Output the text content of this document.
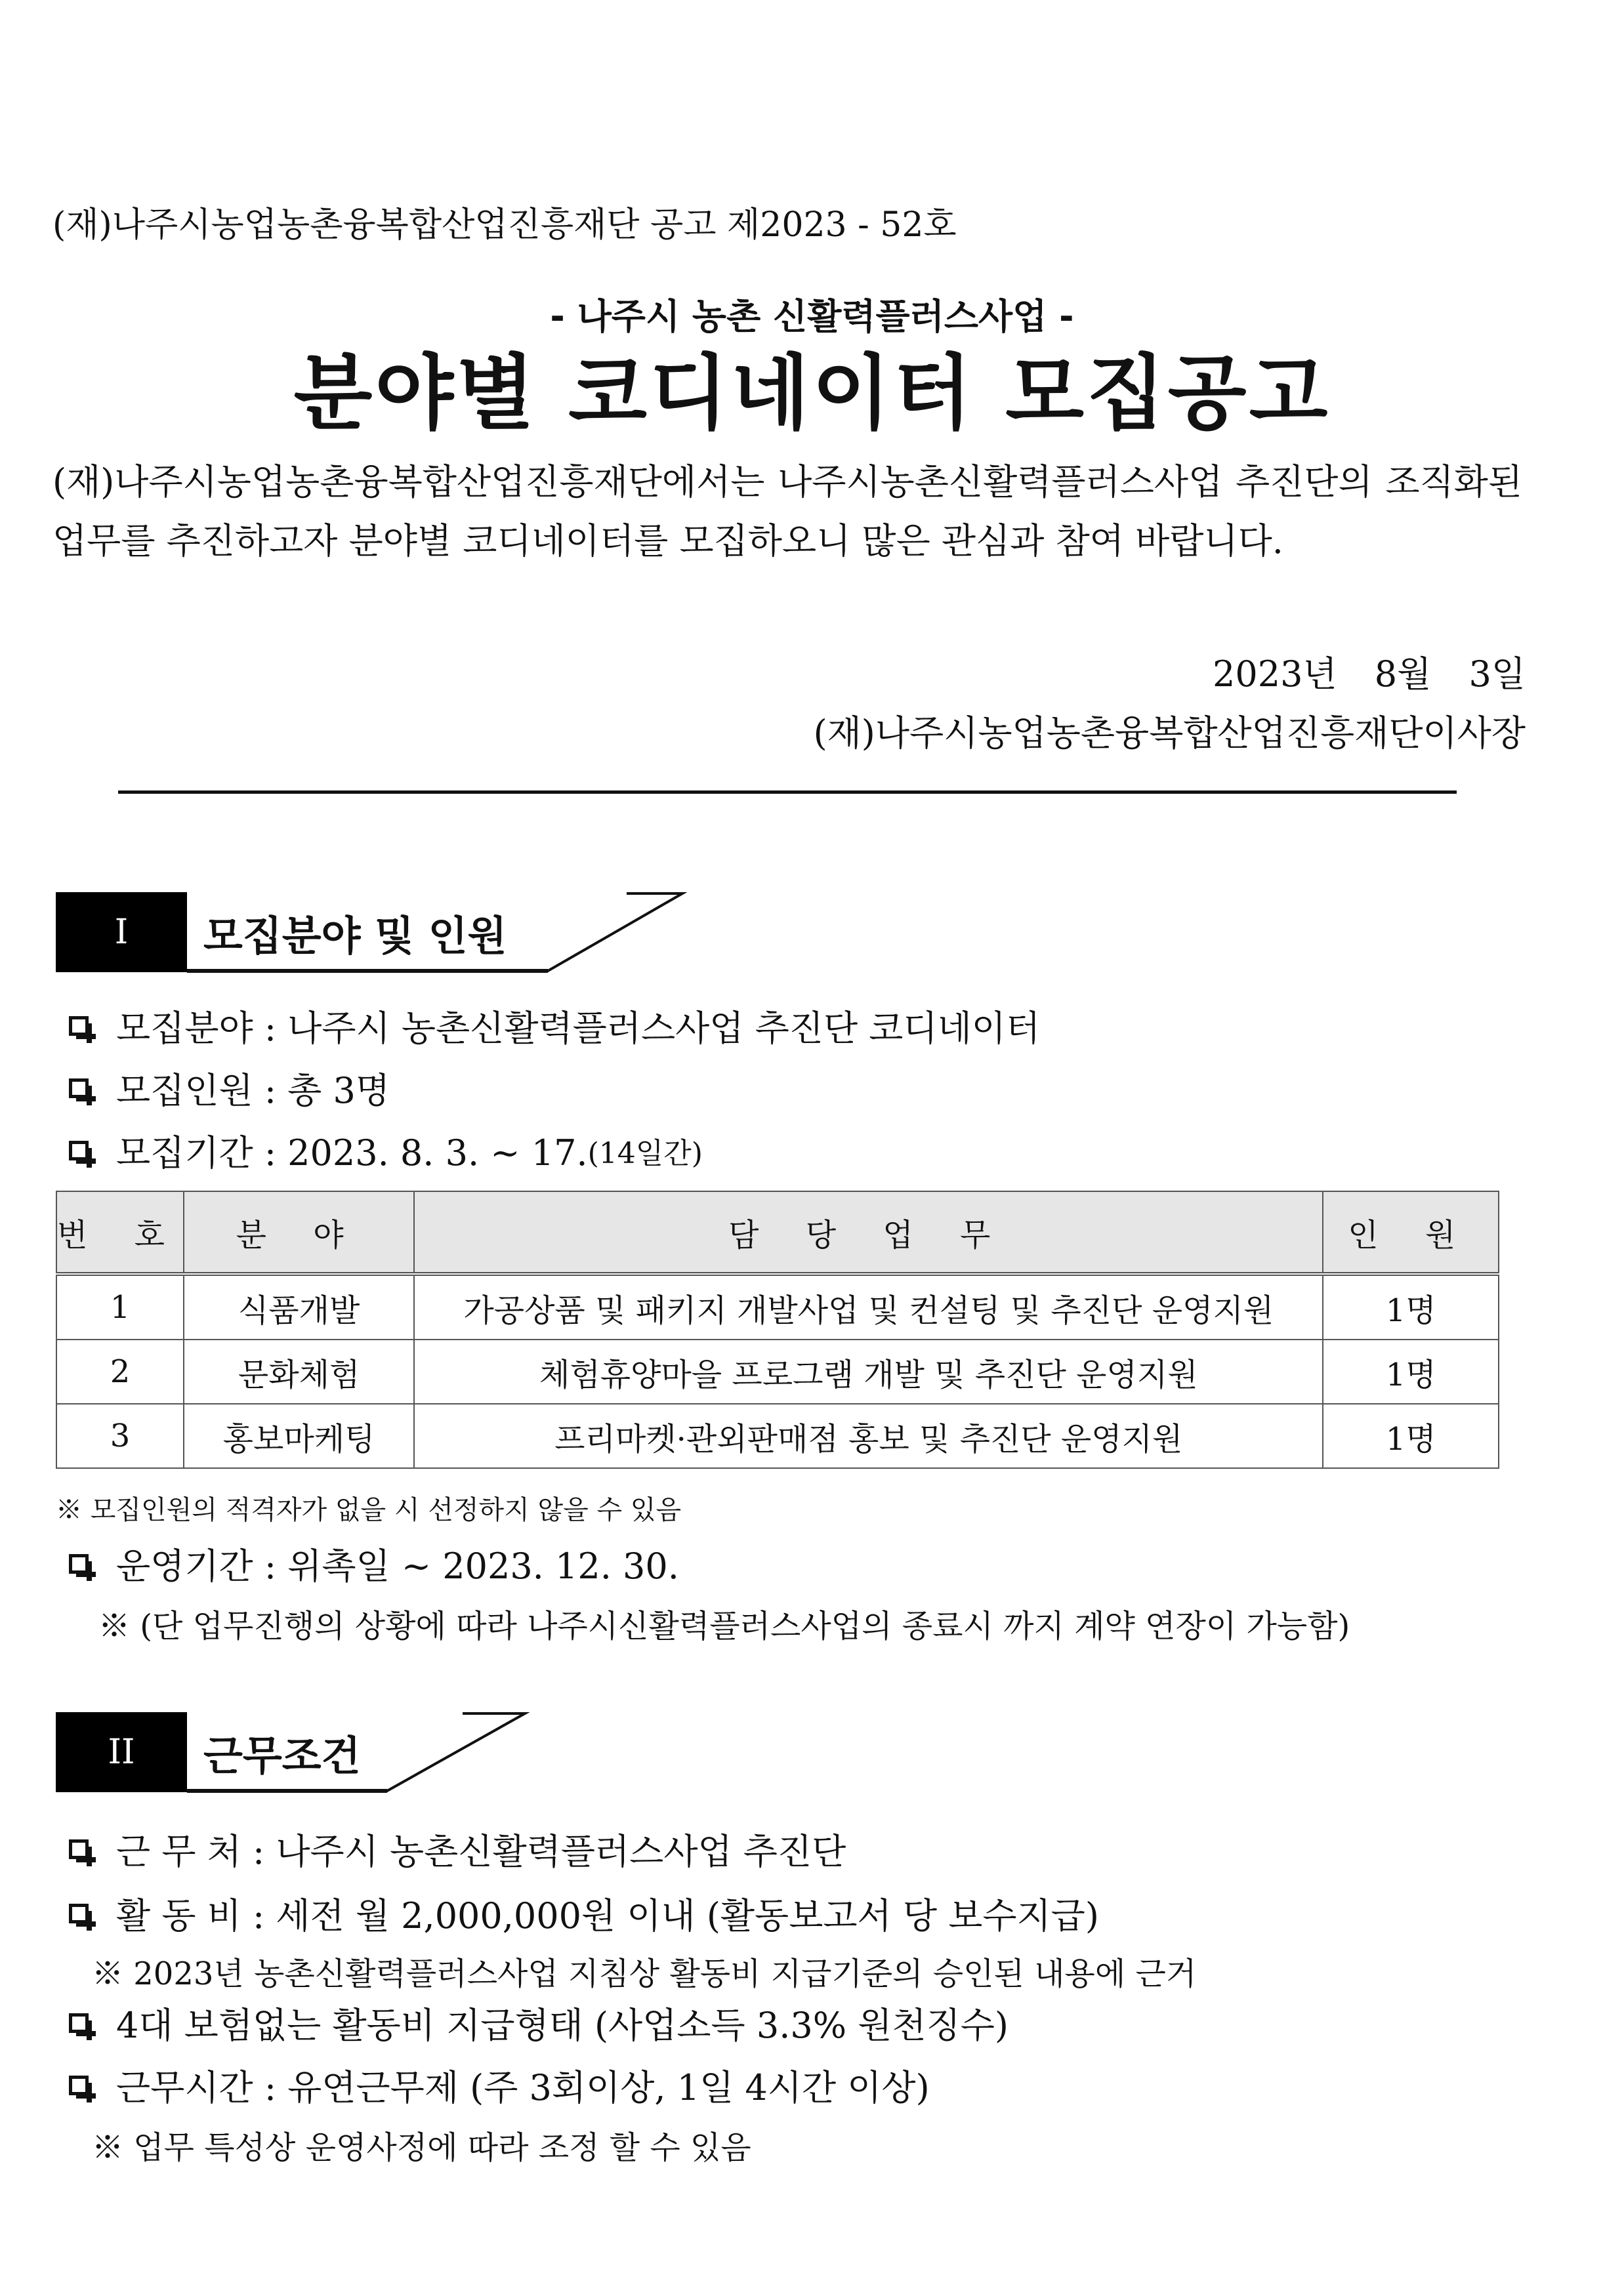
(재)나주시농업농촌융복합산업진흥재단 공고 제2023 - 52호
- 나주시 농촌 신활력플러스사업 -
분야별 코디네이터 모집공고
(재)나주시농업농촌융복합산업진흥재단에서는 나주시농촌신활력플러스사업 추진단의 조직화된 업무를 추진하고자 분야별 코디네이터를 모집하오니 많은 관심과 참여 바랍니다.
2023년 8월 3일
(재)나주시농업농촌융복합산업진흥재단이사장
I	모집분야 및 인원
모집분야 : 나주시 농촌신활력플러스사업 추진단 코디네이터
모집인원 : 총 3명
모집기간 : 2023. 8. 3. ~ 17. (14일간)
번 호	분 야	담 당 업 무	인 원
1	식품개발	가공상품 및 패키지 개발사업 및 컨설팅 및 추진단 운영지원	1명
2	문화체험	체험휴양마을 프로그램 개발 및 추진단 운영지원	1명
3	홍보마케팅	프리마켓·관외판매점 홍보 및 추진단 운영지원	1명
※ 모집인원의 적격자가 없을 시 선정하지 않을 수 있음
운영기간 : 위촉일 ~ 2023. 12. 30.
※ (단 업무진행의 상황에 따라 나주시신활력플러스사업의 종료시 까지 계약 연장이 가능함)
II	근무조건
근 무 처 : 나주시 농촌신활력플러스사업 추진단
활 동 비 : 세전 월 2,000,000원 이내 (활동보고서 당 보수지급)
※ 2023년 농촌신활력플러스사업 지침상 활동비 지급기준의 승인된 내용에 근거
4대 보험없는 활동비 지급형태 (사업소득 3.3% 원천징수)
근무시간 : 유연근무제 (주 3회이상, 1일 4시간 이상)
※ 업무 특성상 운영사정에 따라 조정 할 수 있음
